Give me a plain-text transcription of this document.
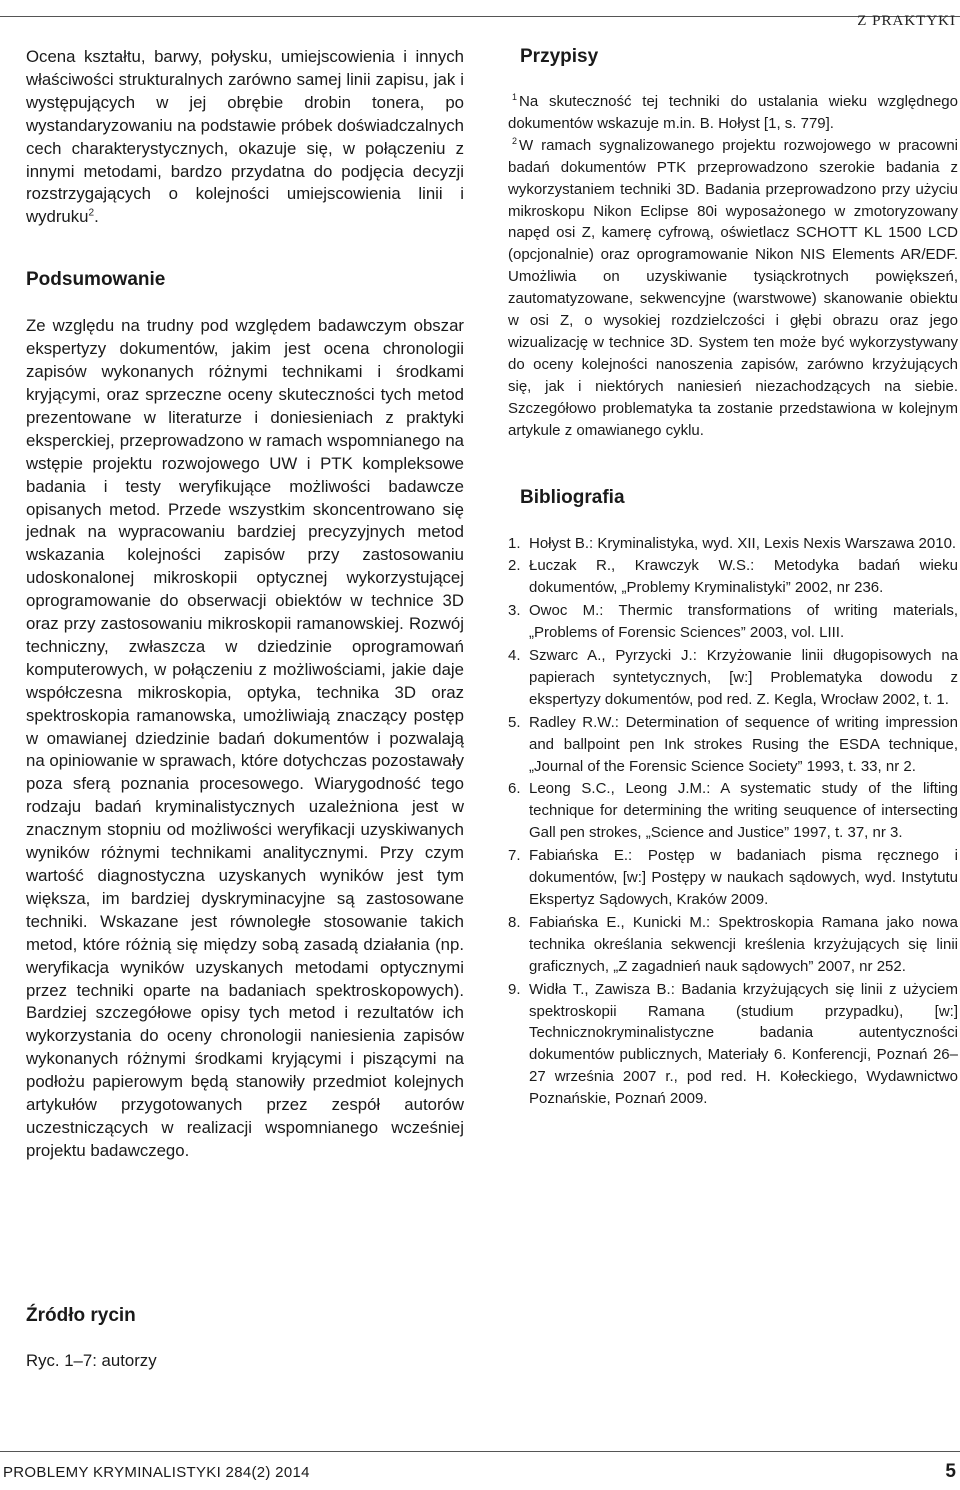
Z PRAKTYKI

Ocena kształtu, barwy, połysku, umiejscowienia i innych właściwości strukturalnych zarówno samej linii zapisu, jak i występujących w jej obrębie drobin tonera, po wystandaryzowaniu na podstawie próbek doświadczalnych cech charakterystycznych, okazuje się, w połączeniu z innymi metodami, bardzo przydatna do podjęcia decyzji rozstrzygających o kolejności umiejscowienia linii i wydruku$^2$.

Podsumowanie

Ze względu na trudny pod względem badawczym obszar ekspertyzy dokumentów, jakim jest ocena chronologii zapisów wykonanych różnymi technikami i środkami kryjącymi, oraz sprzeczne oceny skuteczności tych metod prezentowane w literaturze i doniesieniach z praktyki eksperckiej, przeprowadzono w ramach wspomnianego na wstępie projektu rozwojowego UW i PTK kompleksowe badania i testy weryfikujące możliwości badawcze opisanych metod. Przede wszystkim skoncentrowano się jednak na wypracowaniu bardziej precyzyjnych metod wskazania kolejności zapisów przy zastosowaniu udoskonalonej mikroskopii optycznej wykorzystującej oprogramowanie do obserwacji obiektów w technice 3D oraz przy zastosowaniu mikroskopii ramanowskiej. Rozwój techniczny, zwłaszcza w dziedzinie oprogramowań komputerowych, w połączeniu z możliwościami, jakie daje współczesna mikroskopia, optyka, technika 3D oraz spektroskopia ramanowska, umożliwiają znaczący postęp w omawianej dziedzinie badań dokumentów i pozwalają na opiniowanie w sprawach, które dotychczas pozostawały poza sferą poznania procesowego. Wiarygodność tego rodzaju badań kryminalistycznych uzależniona jest w znacznym stopniu od możliwości weryfikacji uzyskiwanych wyników różnymi technikami analitycznymi. Przy czym wartość diagnostyczna uzyskanych wyników jest tym większa, im bardziej dyskryminacyjne są zastosowane techniki. Wskazane jest równoległe stosowanie takich metod, które różnią się między sobą zasadą działania (np. weryfikacja wyników uzyskanych metodami optycznymi przez techniki oparte na badaniach spektroskopowych). Bardziej szczegółowe opisy tych metod i rezultatów ich wykorzystania do oceny chronologii naniesienia zapisów wykonanych różnymi środkami kryjącymi i piszącymi na podłożu papierowym będą stanowiły przedmiot kolejnych artykułów przygotowanych przez zespół autorów uczestniczących w realizacji wspomnianego wcześniej projektu badawczego.

Przypisy

$^1$ Na skuteczność tej techniki do ustalania wieku względnego dokumentów wskazuje m.in. B. Hołyst [1, s. 779].

$^2$ W ramach sygnalizowanego projektu rozwojowego w pracowni badań dokumentów PTK przeprowadzono szerokie badania z wykorzystaniem techniki 3D. Badania przeprowadzono przy użyciu mikroskopu Nikon Eclipse 80i wyposażonego w zmotoryzowany napęd osi Z, kamerę cyfrową, oświetlacz SCHOTT KL 1500 LCD (opcjonalnie) oraz oprogramowanie Nikon NIS Elements AR/EDF. Umożliwia on uzyskiwanie tysiąckrotnych powiększeń, zautomatyzowane, sekwencyjne (warstwowe) skanowanie obiektu w osi Z, o wysokiej rozdzielczości i głębi obrazu oraz jego wizualizację w technice 3D. System ten może być wykorzystywany do oceny kolejności nanoszenia zapisów, zarówno krzyżujących się, jak i niektórych naniesień niezachodzących na siebie. Szczegółowo problematyka ta zostanie przedstawiona w kolejnym artykule z omawianego cyklu.

Bibliografia
1. Hołyst B.: Kryminalistyka, wyd. XII, Lexis Nexis Warszawa 2010.
2. Łuczak R., Krawczyk W.S.: Metodyka badań wieku dokumentów, „Problemy Kryminalistyki” 2002, nr 236.
3. Owoc M.: Thermic transformations of writing materials, „Problems of Forensic Sciences” 2003, vol. LIII.
4. Szwarc A., Pyrzycki J.: Krzyżowanie linii długopisowych na papierach syntetycznych, [w:] Problematyka dowodu z ekspertyzy dokumentów, pod red. Z. Kegla, Wrocław 2002, t. 1.
5. Radley R.W.: Determination of sequence of writing impression and ballpoint pen Ink strokes Rusing the ESDA technique, „Journal of the Forensic Science Society” 1993, t. 33, nr 2.
6. Leong S.C., Leong J.M.: A systematic study of the lifting technique for determining the writing seuquence of intersecting Gall pen strokes, „Science and Justice” 1997, t. 37, nr 3.
7. Fabiańska E.: Postęp w badaniach pisma ręcznego i dokumentów, [w:] Postępy w naukach sądowych, wyd. Instytutu Ekspertyz Sądowych, Kraków 2009.
8. Fabiańska E., Kunicki M.: Spektroskopia Ramana jako nowa technika określania sekwencji kreślenia krzyżujących się linii graficznych, „Z zagadnień nauk sądowych” 2007, nr 252.
9. Widła T., Zawisza B.: Badania krzyżujących się linii z użyciem spektroskopii Ramana (studium przypadku), [w:] Technicznokryminalistyczne badania autentyczności dokumentów publicznych, Materiały 6. Konferencji, Poznań 26–27 września 2007 r., pod red. H. Kołeckiego, Wydawnictwo Poznańskie, Poznań 2009.
Źródło rycin

Ryc. 1–7: autorzy

PROBLEMY KRYMINALISTYKI 284(2) 2014	5
